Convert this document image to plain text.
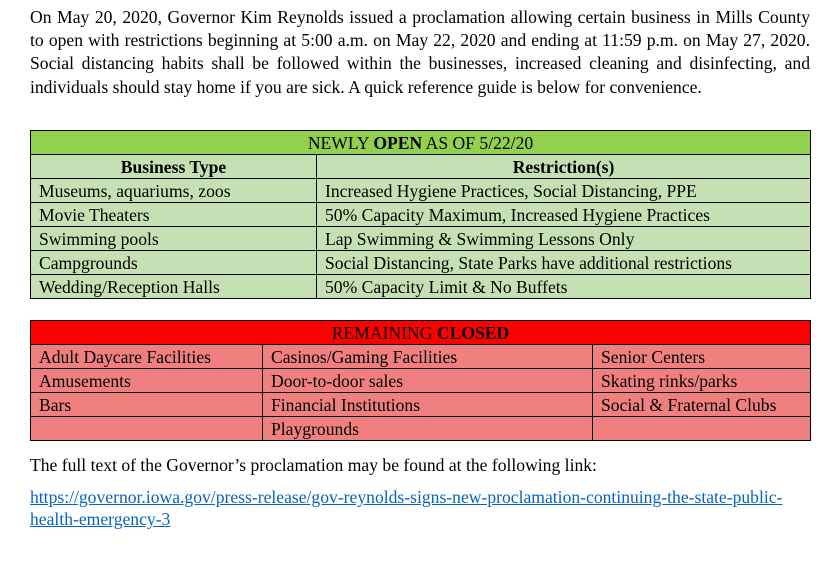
On May 20, 2020, Governor Kim Reynolds issued a proclamation allowing certain business in Mills County to open with restrictions beginning at 5:00 a.m. on May 22, 2020 and ending at 11:59 p.m. on May 27, 2020. Social distancing habits shall be followed within the businesses, increased cleaning and disinfecting, and individuals should stay home if you are sick. A quick reference guide is below for convenience.

NEWLY OPEN AS OF 5/22/20	
Business Type	Restriction(s)
Museums, aquariums, zoos	Increased Hygiene Practices, Social Distancing, PPE
Movie Theaters	50% Capacity Maximum, Increased Hygiene Practices
Swimming pools	Lap Swimming & Swimming Lessons Only
Campgrounds	Social Distancing, State Parks have additional restrictions
Wedding/Reception Halls	50% Capacity Limit & No Buffets
REMAINING CLOSED		
Adult Daycare Facilities	Casinos/Gaming Facilities	Senior Centers
Amusements	Door-to-door sales	Skating rinks/parks
Bars	Financial Institutions	Social & Fraternal Clubs
	Playgrounds	

The full text of the Governor’s proclamation may be found at the following link:

https://governor.iowa.gov/press-release/gov-reynolds-signs-new-proclamation-continuing-the-state-public-health-emergency-3
